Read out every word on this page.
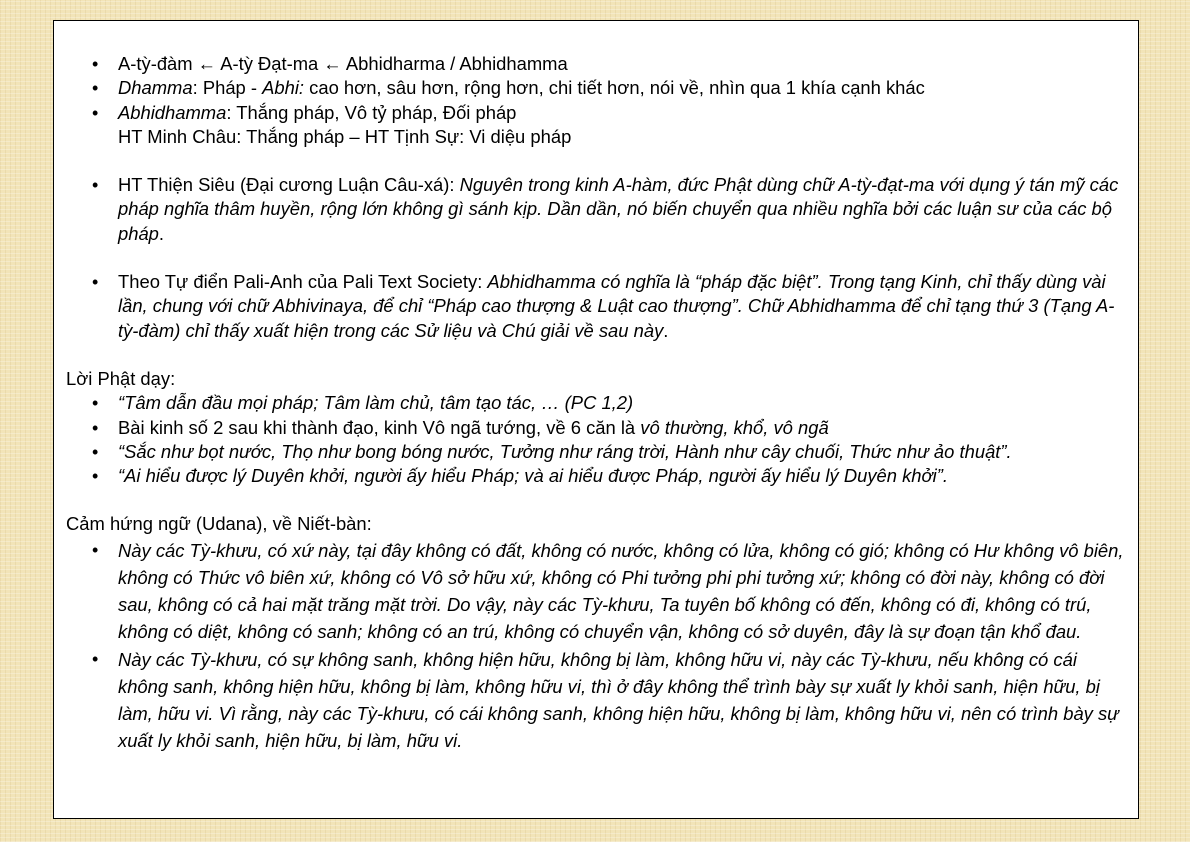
• A-tỳ-đàm ← A-tỳ Đạt-ma ← Abhidharma / Abhidhamma
• Dhamma: Pháp - Abhi: cao hơn, sâu hơn, rộng hơn, chi tiết hơn, nói về, nhìn qua 1 khía cạnh khác
• Abhidhamma: Thắng pháp, Vô tỷ pháp, Đối pháp
HT Minh Châu: Thắng pháp – HT Tịnh Sự: Vi diệu pháp
• HT Thiện Siêu (Đại cương Luận Câu-xá): Nguyên trong kinh A-hàm, đức Phật dùng chữ A-tỳ-đạt-ma với dụng ý tán mỹ các pháp nghĩa thâm huyền, rộng lớn không gì sánh kịp. Dần dần, nó biến chuyển qua nhiều nghĩa bởi các luận sư của các bộ pháp.
• Theo Tự điển Pali-Anh của Pali Text Society: Abhidhamma có nghĩa là “pháp đặc biệt”. Trong tạng Kinh, chỉ thấy dùng vài lần, chung với chữ Abhivinaya, để chỉ “Pháp cao thượng & Luật cao thượng”. Chữ Abhidhamma để chỉ tạng thứ 3 (Tạng A-tỳ-đàm) chỉ thấy xuất hiện trong các Sử liệu và Chú giải về sau này.
Lời Phật dạy:
• “Tâm dẫn đầu mọi pháp; Tâm làm chủ, tâm tạo tác, … (PC 1,2)
• Bài kinh số 2 sau khi thành đạo, kinh Vô ngã tướng, về 6 căn là vô thường, khổ, vô ngã
• “Sắc như bọt nước, Thọ như bong bóng nước, Tưởng như ráng trời, Hành như cây chuối, Thức như ảo thuật”.
• “Ai hiểu được lý Duyên khởi, người ấy hiểu Pháp; và ai hiểu được Pháp, người ấy hiểu lý Duyên khởi”.
Cảm hứng ngữ (Udana), về Niết-bàn:
• Này các Tỳ-khưu, có xứ này, tại đây không có đất, không có nước, không có lửa, không có gió; không có Hư không vô biên, không có Thức vô biên xứ, không có Vô sở hữu xứ, không có Phi tưởng phi phi tưởng xứ; không có đời này, không có đời sau, không có cả hai mặt trăng mặt trời. Do vậy, này các Tỳ-khưu, Ta tuyên bố không có đến, không có đi, không có trú, không có diệt, không có sanh; không có an trú, không có chuyển vận, không có sở duyên, đây là sự đoạn tận khổ đau.
• Này các Tỳ-khưu, có sự không sanh, không hiện hữu, không bị làm, không hữu vi, này các Tỳ-khưu, nếu không có cái không sanh, không hiện hữu, không bị làm, không hữu vi, thì ở đây không thể trình bày sự xuất ly khỏi sanh, hiện hữu, bị làm, hữu vi. Vì rằng, này các Tỳ-khưu, có cái không sanh, không hiện hữu, không bị làm, không hữu vi, nên có trình bày sự xuất ly khỏi sanh, hiện hữu, bị làm, hữu vi.
